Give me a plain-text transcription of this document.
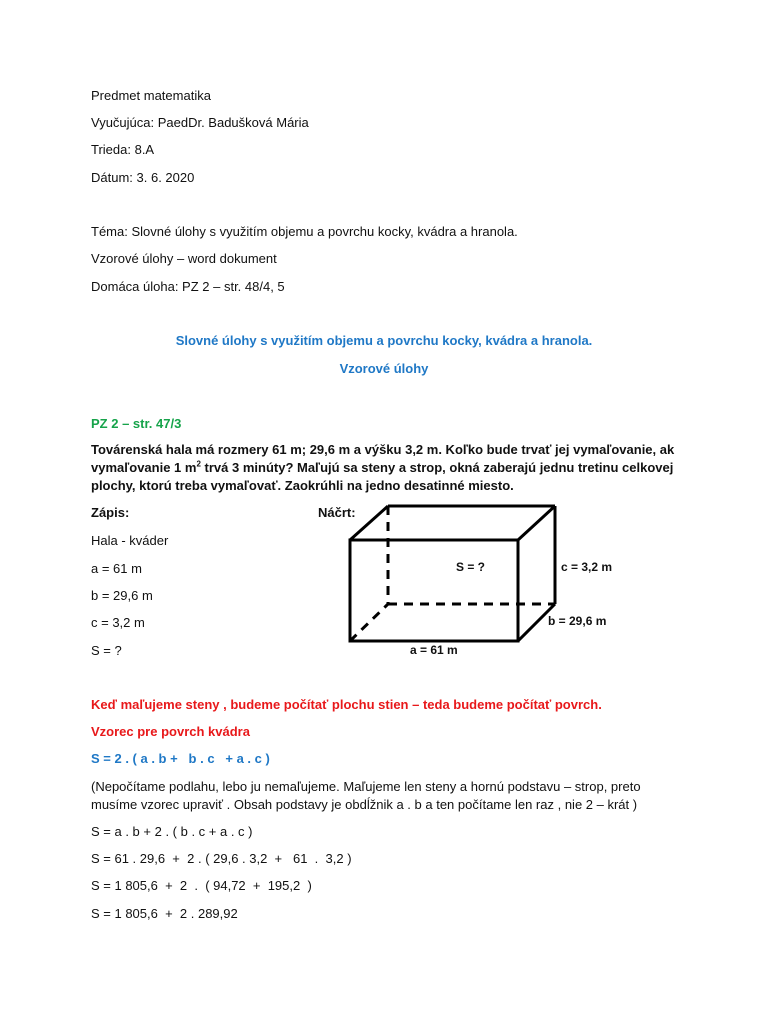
Predmet matematika
Vyučujúca: PaedDr. Badušková Mária
Trieda: 8.A
Dátum: 3. 6. 2020
Téma: Slovné úlohy s využitím objemu a povrchu kocky, kvádra a hranola.
Vzorové úlohy – word dokument
Domáca úloha: PZ 2 – str. 48/4, 5
Slovné úlohy s využitím objemu a povrchu kocky, kvádra a hranola.
Vzorové úlohy
PZ 2 – str. 47/3
Továrenská hala má rozmery 61 m; 29,6 m a výšku 3,2 m. Koľko bude trvať jej vymaľovanie, ak vymaľovanie 1 $m^2$ trvá 3 minúty? Maľujú sa steny a strop, okná zaberajú jednu tretinu celkovej plochy, ktorú treba vymaľovať. Zaokrúhli na jedno desatinné miesto.
Zápis:
Hala - kváder
a = 61 m
b = 29,6 m
c = 3,2 m
S = ?
Náčrt:
S = ?	c = 3,2 m
b = 29,6 m
a = 61 m
Keď maľujeme steny , budeme počítať plochu stien – teda budeme počítať povrch.
Vzorec pre povrch kvádra
S = 2 . ( a . b +   b . c   + a . c )
(Nepočítame podlahu, lebo ju nemaľujeme. Maľujeme len steny a hornú podstavu – strop, preto musíme vzorec upraviť . Obsah podstavy je obdĺžnik a . b a ten počítame len raz , nie 2 – krát )
S = a . b + 2 . ( b . c + a . c )
S = 61 . 29,6  +  2 . ( 29,6 . 3,2  +   61  .  3,2 )
S = 1 805,6  +  2  .  ( 94,72  +  195,2  )
S = 1 805,6  +  2 . 289,92
